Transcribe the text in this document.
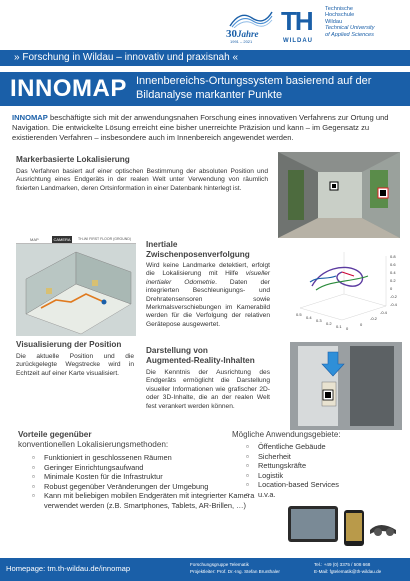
30Jahre
1991 – 2021
TH
WILDAU
Technische
Hochschule
Wildau
Technical University
of Applied Sciences
» Forschung in Wildau – innovativ und praxisnah «
INNOMAP Innenbereichs-Ortungssystem basierend auf der Bildanalyse markanter Punkte

INNOMAP beschäftigte sich mit der anwendungsnahen Forschung eines innovativen Verfahrens zur Ortung und Navigation. Die entwickelte Lösung erreicht eine bisher unerreichte Präzision und kann – im Gegensatz zu existierenden Verfahren – insbesondere auch im Innenbereich angewendet werden.

Markerbasierte Lokalisierung

Das Verfahren basiert auf einer optischen Bestimmung der absoluten Position und Ausrichtung eines Endgeräts in der realen Welt unter Verwendung von räumlich fixierten Landmarken, deren Ortsinformation in einer Datenbank hinterlegt ist.

MAP	CAMERA	TH-WI FIRST FLOOR (GROUND)
Inertiale
Zwischenposenverfolgung

Wird keine Landmarke detektiert, erfolgt die Lokalisierung mit Hilfe visueller inertialer Odometrie. Daten der integrierten Beschleunigungs- und Drehratensensoren sowie Merkmalsverschiebungen im Kamerabild werden für die Verfolgung der relativen Gerätepose ausgewertet.

0.8
0.6
0.4
0.2
0
-0.2
-0.4
0.5
0.4
0.3
0.2
0.1 0
0
-0.2
-0.4
Visualisierung der Position

Die aktuelle Position und die zurückgelegte Wegstrecke wird in Echtzeit auf einer Karte visualisiert.

Darstellung von
Augmented-Reality-Inhalten

Die Kenntnis der Ausrichtung des Endgeräts ermöglicht die Darstellung visueller Informationen wie grafischer 2D- oder 3D-Inhalte, die an der realen Welt fest verankert werden können.

Vorteile gegenüber
konventionellen Lokalisierungsmethoden:
▫ Funktioniert in geschlossenen Räumen
▫ Geringer Einrichtungsaufwand
▫ Minimale Kosten für die Infrastruktur
▫ Robust gegenüber Veränderungen der Umgebung
▫ Kann mit beliebigen mobilen Endgeräten mit integrierter Kamera verwendet werden (z.B. Smartphones, Tablets, AR-Brillen, …)
Mögliche Anwendungsgebiete:
▫ Öffentliche Gebäude
▫ Sicherheit
▫ Rettungskräfte
▫ Logistik
▫ Location-based Services
▫ u.v.a.
Homepage: tm.th-wildau.de/innomap	Forschungsgruppe Telematik
Projektleiter: Prof. Dr.-Ing. Stefan Brunthaler
Tel.: +49 (0) 3375 / 508 668
E-Mail: fgtelematik@th-wildau.de
